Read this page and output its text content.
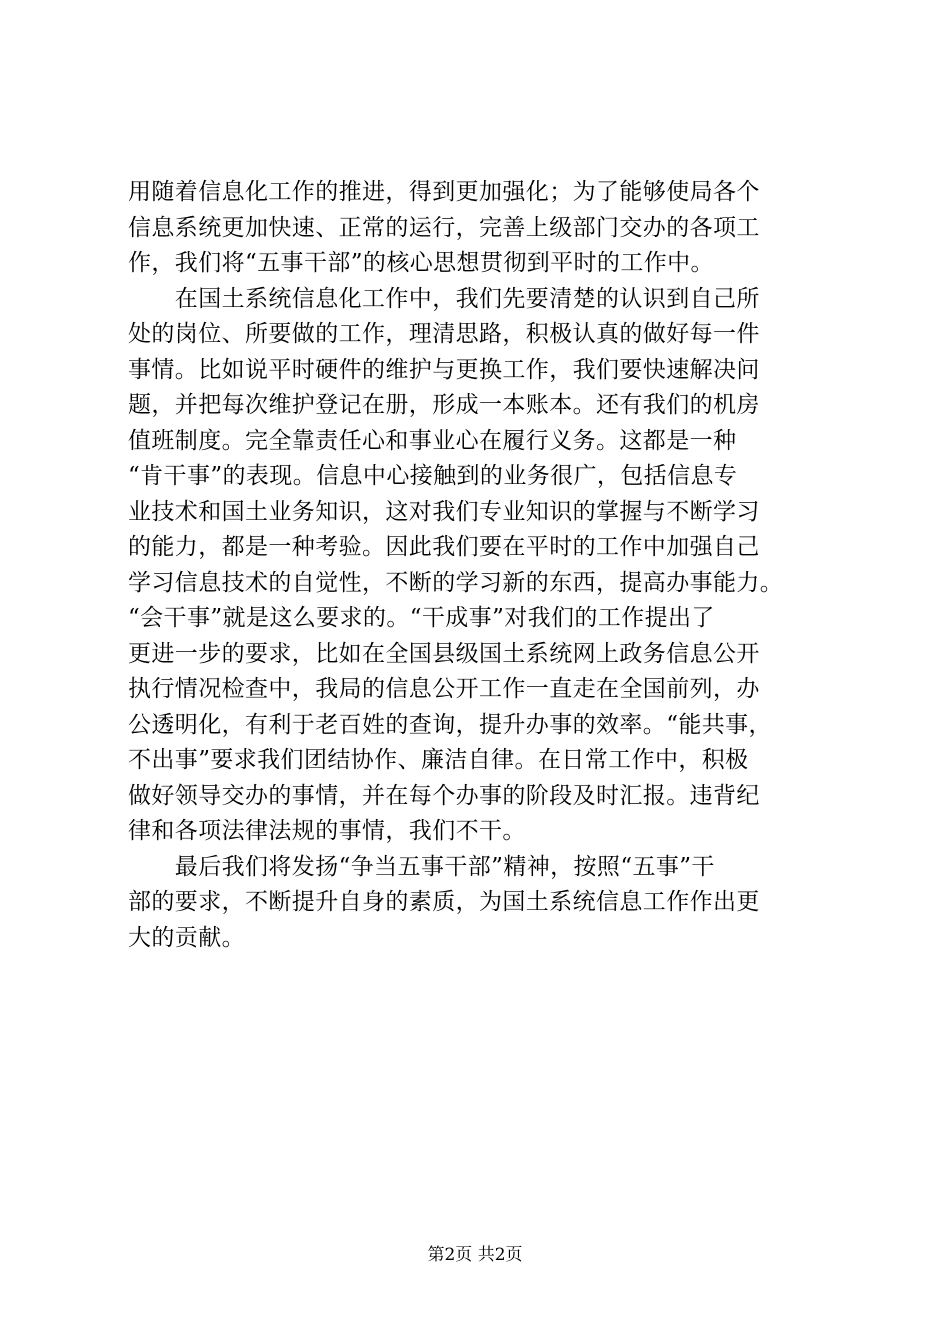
用随着信息化工作的推进，得到更加强化；为了能够使局各个
信息系统更加快速、正常的运行，完善上级部门交办的各项工
作，我们将“五事干部”的核心思想贯彻到平时的工作中。
　　在国土系统信息化工作中，我们先要清楚的认识到自己所
处的岗位、所要做的工作，理清思路，积极认真的做好每一件
事情。比如说平时硬件的维护与更换工作，我们要快速解决问
题，并把每次维护登记在册，形成一本账本。还有我们的机房
值班制度。完全靠责任心和事业心在履行义务。这都是一种
“肯干事”的表现。信息中心接触到的业务很广，包括信息专
业技术和国土业务知识，这对我们专业知识的掌握与不断学习
的能力，都是一种考验。因此我们要在平时的工作中加强自己
学习信息技术的自觉性，不断的学习新的东西，提高办事能力。
“会干事”就是这么要求的。“干成事”对我们的工作提出了
更进一步的要求，比如在全国县级国土系统网上政务信息公开
执行情况检查中，我局的信息公开工作一直走在全国前列，办
公透明化，有利于老百姓的查询，提升办事的效率。“能共事，
不出事”要求我们团结协作、廉洁自律。在日常工作中，积极
做好领导交办的事情，并在每个办事的阶段及时汇报。违背纪
律和各项法律法规的事情，我们不干。
　　最后我们将发扬“争当五事干部”精神，按照“五事”干
部的要求，不断提升自身的素质，为国土系统信息工作作出更
大的贡献。
第2页 共2页
